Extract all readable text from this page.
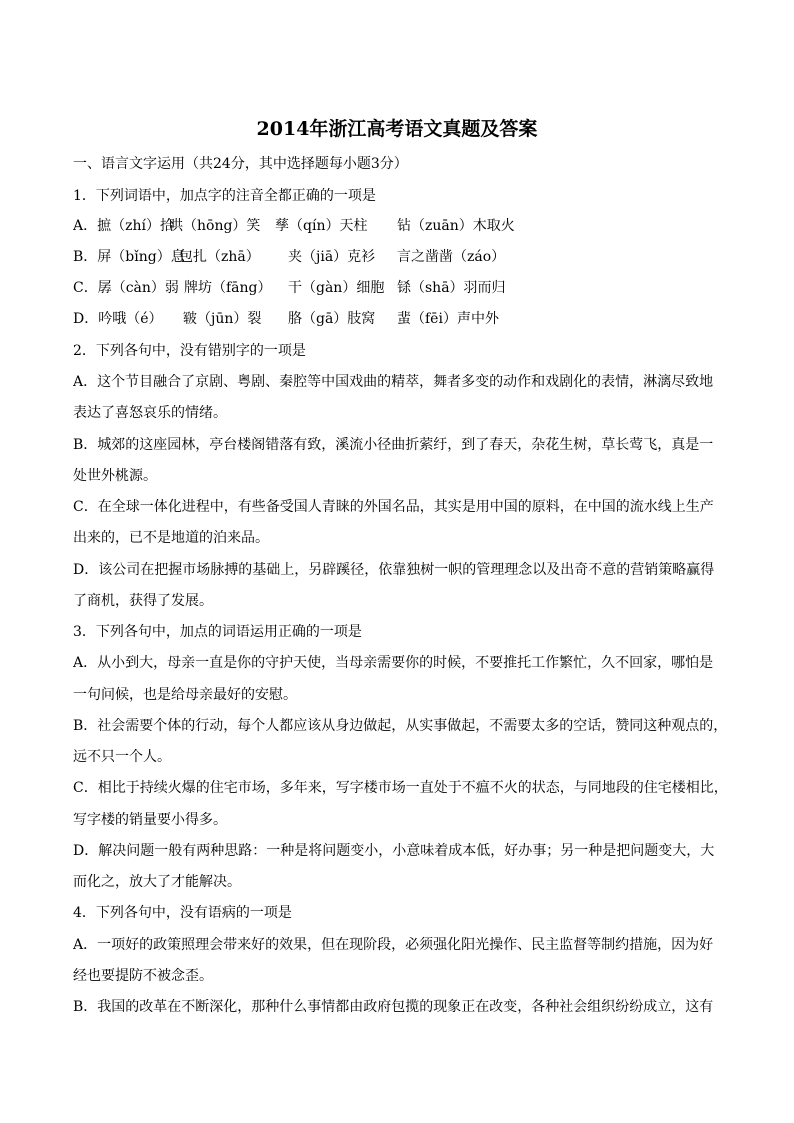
2014年浙江高考语文真题及答案
一、语言文字运用（共24分，其中选择题每小题3分）
1．下列词语中，加点字的注音全都正确的一项是
A．摭（zhí）拾哄（hōng）笑 孳（qín）天柱 钻（zuān）木取火
B．屏（bǐng）息包扎（zhā） 夹（jiā）克衫 言之凿凿（záo）
C．孱（càn）弱 牌坊（fāng） 干（gàn）细胞 铩（shā）羽而归
D．吟哦（é） 皲（jūn）裂 胳（gā）肢窝 蜚（fēi）声中外
2．下列各句中，没有错别字的一项是
A．这个节目融合了京剧、粤剧、秦腔等中国戏曲的精萃，舞者多变的动作和戏剧化的表情，淋漓尽致地
表达了喜怒哀乐的情绪。
B．城郊的这座园林，亭台楼阁错落有致，溪流小径曲折萦纡，到了春天，杂花生树，草长莺飞，真是一
处世外桃源。
C．在全球一体化进程中，有些备受国人青睐的外国名品，其实是用中国的原料，在中国的流水线上生产
出来的，已不是地道的泊来品。
D．该公司在把握市场脉搏的基础上，另辟蹊径，依靠独树一帜的管理理念以及出奇不意的营销策略赢得
了商机，获得了发展。
3．下列各句中，加点的词语运用正确的一项是
A．从小到大，母亲一直是你的守护天使，当母亲需要你的时候，不要推托工作繁忙，久不回家，哪怕是
一句问候，也是给母亲最好的安慰。
B．社会需要个体的行动，每个人都应该从身边做起，从实事做起，不需要太多的空话，赞同这种观点的，
远不只一个人。
C．相比于持续火爆的住宅市场，多年来，写字楼市场一直处于不瘟不火的状态，与同地段的住宅楼相比，
写字楼的销量要小得多。
D．解决问题一般有两种思路：一种是将问题变小，小意味着成本低，好办事；另一种是把问题变大，大
而化之，放大了才能解决。
4．下列各句中，没有语病的一项是
A．一项好的政策照理会带来好的效果，但在现阶段，必须强化阳光操作、民主监督等制约措施，因为好
经也要提防不被念歪。
B．我国的改革在不断深化，那种什么事情都由政府包揽的现象正在改变，各种社会组织纷纷成立，这有
